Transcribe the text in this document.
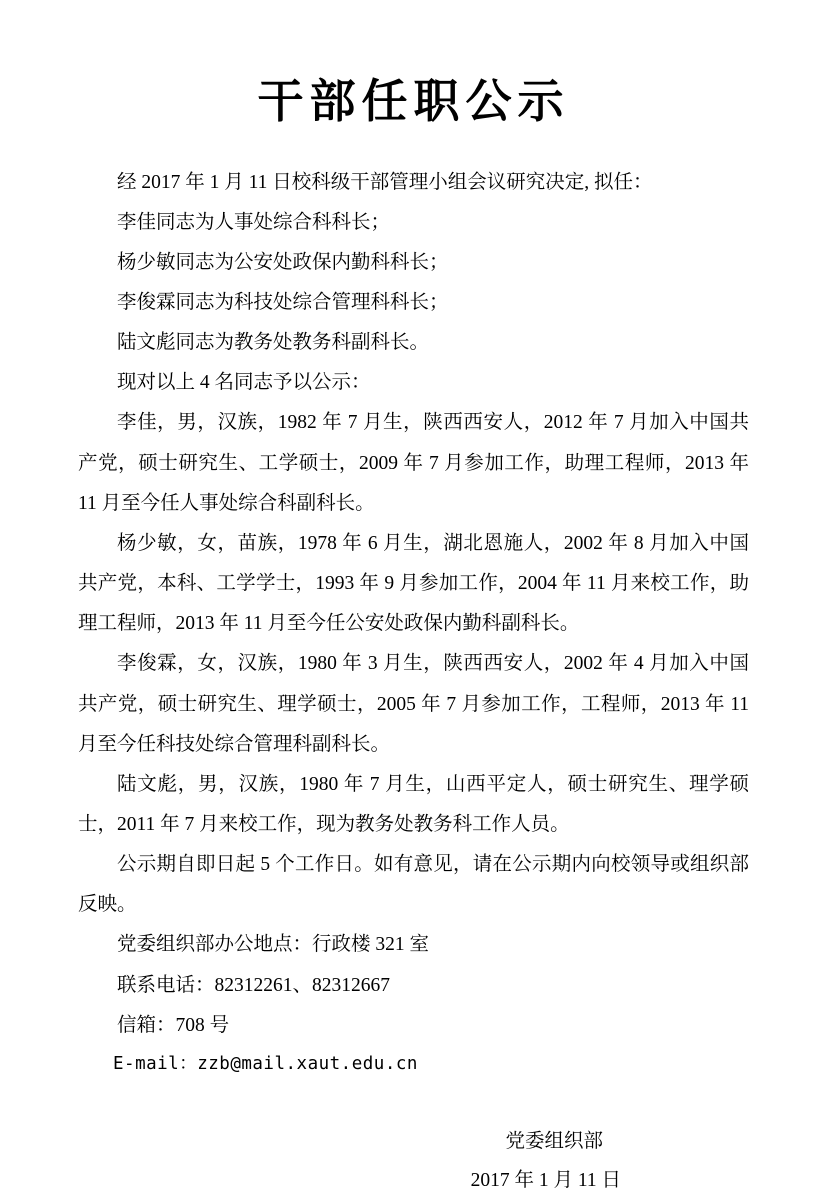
干部任职公示

经 2017 年 1 月 11 日校科级干部管理小组会议研究决定, 拟任：

李佳同志为人事处综合科科长；

杨少敏同志为公安处政保内勤科科长；

李俊霖同志为科技处综合管理科科长；

陆文彪同志为教务处教务科副科长。

现对以上 4 名同志予以公示：

李佳，男，汉族，1982 年 7 月生，陕西西安人，2012 年 7 月加入中国共产党，硕士研究生、工学硕士，2009 年 7 月参加工作，助理工程师，2013 年 11 月至今任人事处综合科副科长。

杨少敏，女，苗族，1978 年 6 月生，湖北恩施人，2002 年 8 月加入中国共产党，本科、工学学士，1993 年 9 月参加工作，2004 年 11 月来校工作，助理工程师，2013 年 11 月至今任公安处政保内勤科副科长。

李俊霖，女，汉族，1980 年 3 月生，陕西西安人，2002 年 4 月加入中国共产党，硕士研究生、理学硕士，2005 年 7 月参加工作，工程师，2013 年 11 月至今任科技处综合管理科副科长。

陆文彪，男，汉族，1980 年 7 月生，山西平定人，硕士研究生、理学硕士，2011 年 7 月来校工作，现为教务处教务科工作人员。

公示期自即日起 5 个工作日。如有意见，请在公示期内向校领导或组织部反映。

党委组织部办公地点：行政楼 321 室

联系电话：82312261、82312667

信箱：708 号

E-mail：zzb@mail.xaut.edu.cn

党委组织部
2017 年 1 月 11 日
